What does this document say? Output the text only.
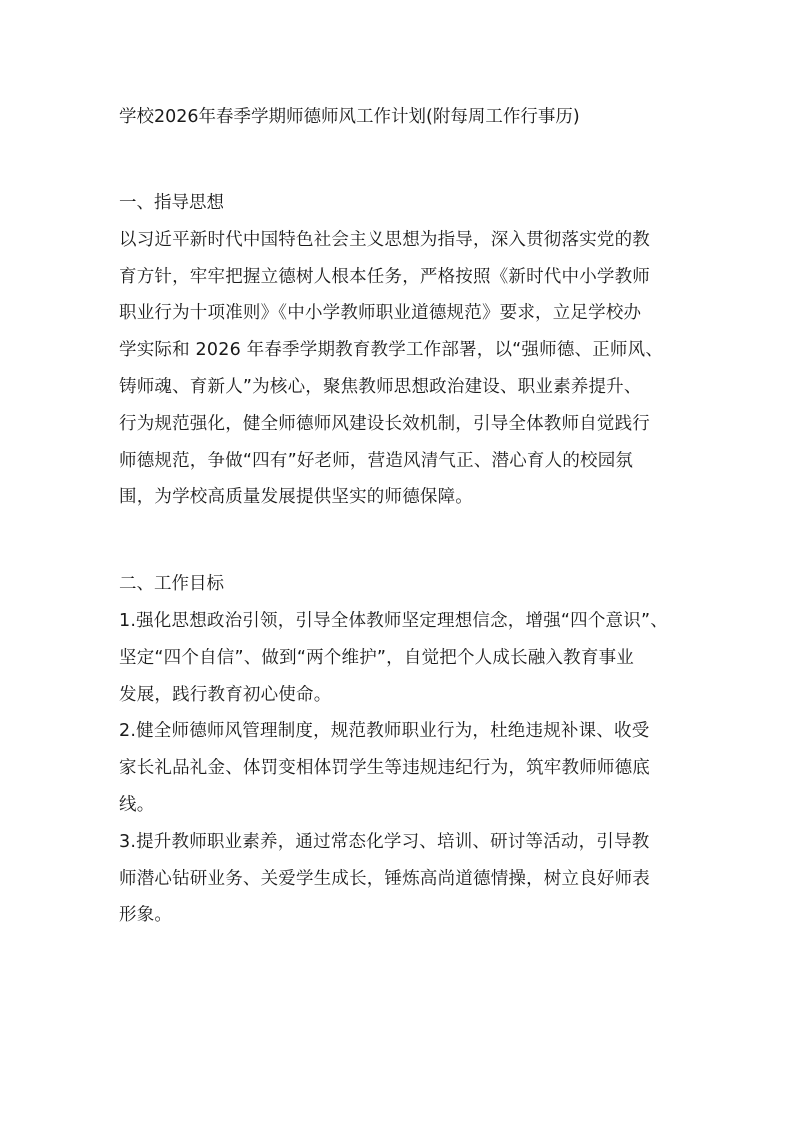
学校2026年春季学期师德师风工作计划(附每周工作行事历)
一、指导思想
以习近平新时代中国特色社会主义思想为指导，深入贯彻落实党的教
育方针，牢牢把握立德树人根本任务，严格按照《新时代中小学教师
职业行为十项准则》《中小学教师职业道德规范》要求，立足学校办
学实际和 2026 年春季学期教育教学工作部署，以“强师德、正师风、
铸师魂、育新人”为核心，聚焦教师思想政治建设、职业素养提升、
行为规范强化，健全师德师风建设长效机制，引导全体教师自觉践行
师德规范，争做“四有”好老师，营造风清气正、潜心育人的校园氛
围，为学校高质量发展提供坚实的师德保障。
二、工作目标
1.强化思想政治引领，引导全体教师坚定理想信念，增强“四个意识”、
坚定“四个自信”、做到“两个维护”，自觉把个人成长融入教育事业
发展，践行教育初心使命。
2.健全师德师风管理制度，规范教师职业行为，杜绝违规补课、收受
家长礼品礼金、体罚变相体罚学生等违规违纪行为，筑牢教师师德底
线。
3.提升教师职业素养，通过常态化学习、培训、研讨等活动，引导教
师潜心钻研业务、关爱学生成长，锤炼高尚道德情操，树立良好师表
形象。
